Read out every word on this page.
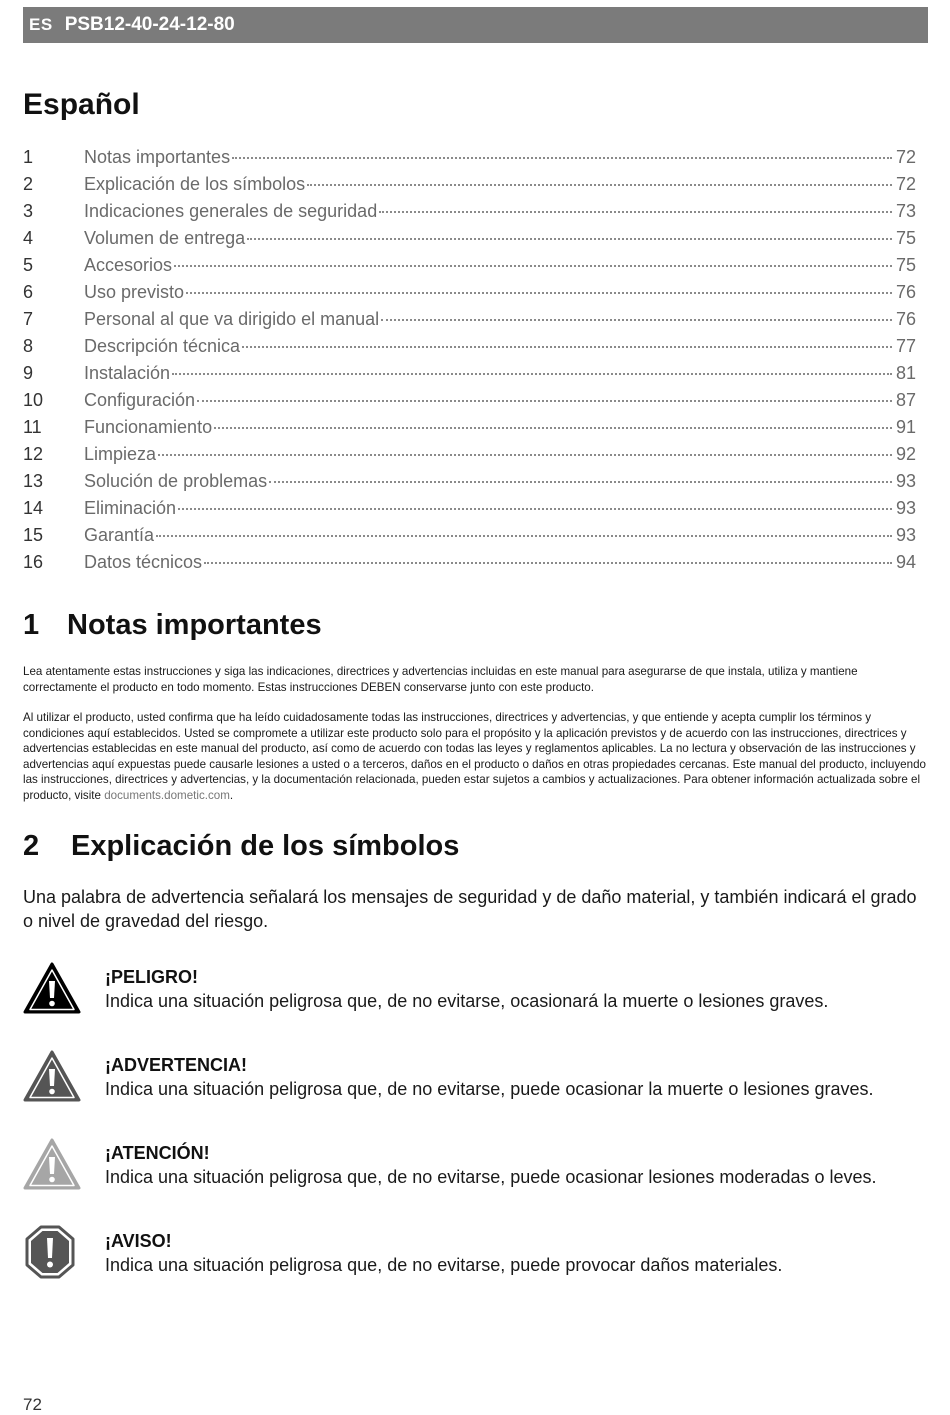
ES PSB12-40-24-12-80
Español
1	Notas importantes	72
2	Explicación de los símbolos	72
3	Indicaciones generales de seguridad	73
4	Volumen de entrega	75
5	Accesorios	75
6	Uso previsto	76
7	Personal al que va dirigido el manual	76
8	Descripción técnica	77
9	Instalación	81
10	Configuración	87
11	Funcionamiento	91
12	Limpieza	92
13	Solución de problemas	93
14	Eliminación	93
15	Garantía	93
16	Datos técnicos	94
1 Notas importantes

Lea atentamente estas instrucciones y siga las indicaciones, directrices y advertencias incluidas en este manual para asegurarse de que instala, utiliza y mantiene correctamente el producto en todo momento. Estas instrucciones DEBEN conservarse junto con este producto.

Al utilizar el producto, usted confirma que ha leído cuidadosamente todas las instrucciones, directrices y advertencias, y que entiende y acepta cumplir los términos y condiciones aquí establecidos. Usted se compromete a utilizar este producto solo para el propósito y la aplicación previstos y de acuerdo con las instrucciones, directrices y advertencias establecidas en este manual del producto, así como de acuerdo con todas las leyes y reglamentos aplicables. La no lectura y observación de las instrucciones y advertencias aquí expuestas puede causarle lesiones a usted o a terceros, daños en el producto o daños en otras propiedades cercanas. Este manual del producto, incluyendo las instrucciones, directrices y advertencias, y la documentación relacionada, pueden estar sujetos a cambios y actualizaciones. Para obtener información actualizada sobre el producto, visite documents.dometic.com.

2	Explicación de los símbolos

Una palabra de advertencia señalará los mensajes de seguridad y de daño material, y también indicará el grado o nivel de gravedad del riesgo.

¡PELIGRO!
Indica una situación peligrosa que, de no evitarse, ocasionará la muerte o lesiones graves.
¡ADVERTENCIA!
Indica una situación peligrosa que, de no evitarse, puede ocasionar la muerte o lesiones graves.
¡ATENCIÓN!
Indica una situación peligrosa que, de no evitarse, puede ocasionar lesiones moderadas o leves.
¡AVISO!
Indica una situación peligrosa que, de no evitarse, puede provocar daños materiales.
72
